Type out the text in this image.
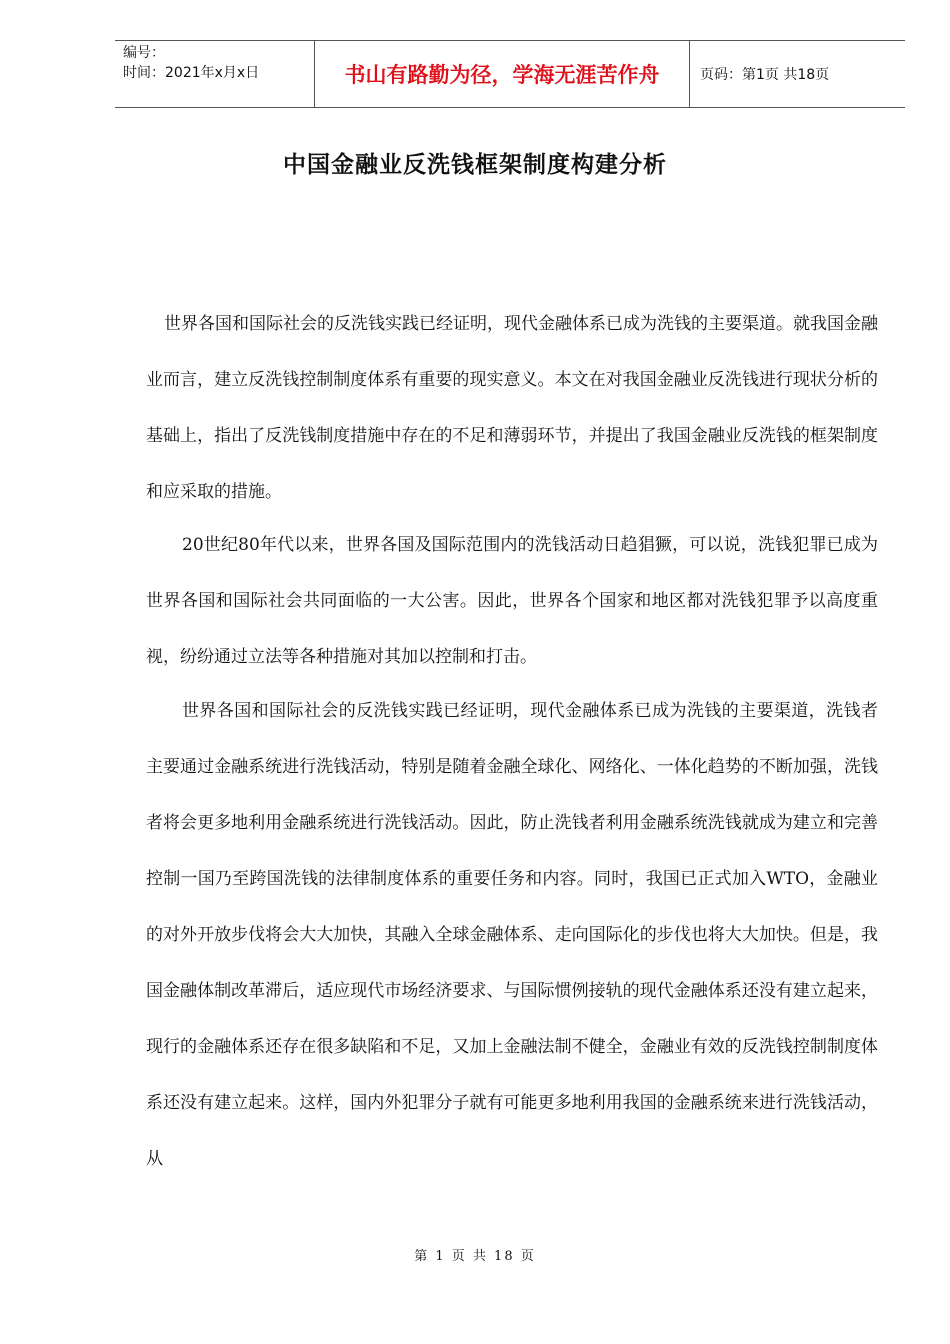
编号：
时间：2021年x月x日	书山有路勤为径，学海无涯苦作舟	页码：第1页 共18页
中国金融业反洗钱框架制度构建分析
世界各国和国际社会的反洗钱实践已经证明，现代金融体系已成为洗钱的主要渠道。就我国金融业而言，建立反洗钱控制制度体系有重要的现实意义。本文在对我国金融业反洗钱进行现状分析的基础上，指出了反洗钱制度措施中存在的不足和薄弱环节，并提出了我国金融业反洗钱的框架制度和应采取的措施。
20世纪80年代以来，世界各国及国际范围内的洗钱活动日趋猖獗，可以说，洗钱犯罪已成为世界各国和国际社会共同面临的一大公害。因此，世界各个国家和地区都对洗钱犯罪予以高度重视，纷纷通过立法等各种措施对其加以控制和打击。
世界各国和国际社会的反洗钱实践已经证明，现代金融体系已成为洗钱的主要渠道，洗钱者主要通过金融系统进行洗钱活动，特别是随着金融全球化、网络化、一体化趋势的不断加强，洗钱者将会更多地利用金融系统进行洗钱活动。因此，防止洗钱者利用金融系统洗钱就成为建立和完善控制一国乃至跨国洗钱的法律制度体系的重要任务和内容。同时，我国已正式加入WTO，金融业的对外开放步伐将会大大加快，其融入全球金融体系、走向国际化的步伐也将大大加快。但是，我国金融体制改革滞后，适应现代市场经济要求、与国际惯例接轨的现代金融体系还没有建立起来，现行的金融体系还存在很多缺陷和不足，又加上金融法制不健全，金融业有效的反洗钱控制制度体系还没有建立起来。这样，国内外犯罪分子就有可能更多地利用我国的金融系统来进行洗钱活动，从
第 1 页 共 18 页
